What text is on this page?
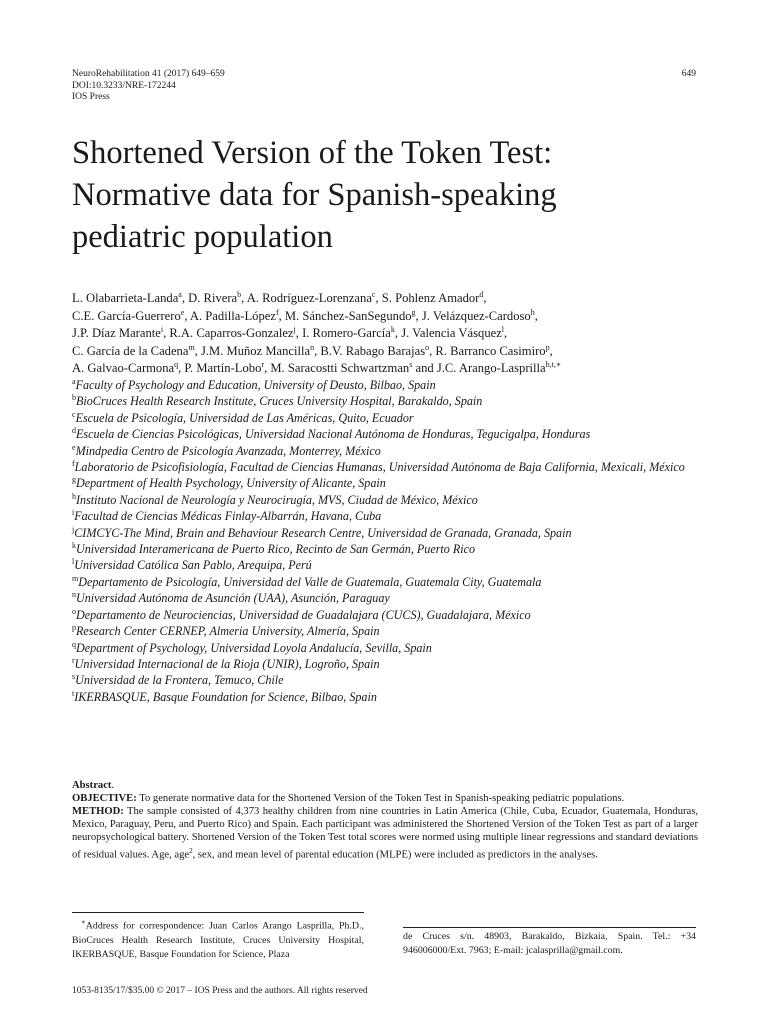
NeuroRehabilitation 41 (2017) 649–659
DOI:10.3233/NRE-172244
IOS Press
649
Shortened Version of the Token Test:
Normative data for Spanish-speaking
pediatric population
L. Olabarrieta-Landa$^a$, D. Rivera$^b$, A. Rodríguez-Lorenzana$^c$, S. Pohlenz Amador$^d$,
C.E. García-Guerrero$^e$, A. Padilla-López$^f$, M. Sánchez-SanSegundo$^g$, J. Velázquez-Cardoso$^h$,
J.P. Díaz Marante$^i$, R.A. Caparros-Gonzalez$^j$, I. Romero-García$^k$, J. Valencia Vásquez$^l$,
C. García de la Cadena$^m$, J.M. Muñoz Mancilla$^n$, B.V. Rabago Barajas$^o$, R. Barranco Casimiro$^p$,
A. Galvao-Carmona$^q$, P. Martín-Lobo$^r$, M. Saracostti Schwartzman$^s$ and J.C. Arango-Lasprilla$^{b,t,∗}$
$^a$Faculty of Psychology and Education, University of Deusto, Bilbao, Spain
$^b$BioCruces Health Research Institute, Cruces University Hospital, Barakaldo, Spain
$^c$Escuela de Psicología, Universidad de Las Américas, Quito, Ecuador
$^d$Escuela de Ciencias Psicológicas, Universidad Nacional Autónoma de Honduras, Tegucigalpa, Honduras
$^e$Mindpedia Centro de Psicología Avanzada, Monterrey, México
$^f$Laboratorio de Psicofisiología, Facultad de Ciencias Humanas, Universidad Autónoma de Baja California, Mexicali, México
$^g$Department of Health Psychology, University of Alicante, Spain
$^h$Instituto Nacional de Neurología y Neurocirugía, MVS, Ciudad de México, México
$^i$Facultad de Ciencias Médicas Finlay-Albarrán, Havana, Cuba
$^j$CIMCYC-The Mind, Brain and Behaviour Research Centre, Universidad de Granada, Granada, Spain
$^k$Universidad Interamericana de Puerto Rico, Recinto de San Germán, Puerto Rico
$^l$Universidad Católica San Pablo, Arequipa, Perú
$^m$Departamento de Psicología, Universidad del Valle de Guatemala, Guatemala City, Guatemala
$^n$Universidad Autónoma de Asunción (UAA), Asunción, Paraguay
$^o$Departamento de Neurociencias, Universidad de Guadalajara (CUCS), Guadalajara, México
$^p$Research Center CERNEP, Almeria University, Almería, Spain
$^q$Department of Psychology, Universidad Loyola Andalucía, Sevilla, Spain
$^r$Universidad Internacional de la Rioja (UNIR), Logroño, Spain
$^s$Universidad de la Frontera, Temuco, Chile
$^t$IKERBASQUE, Basque Foundation for Science, Bilbao, Spain

Abstract.

OBJECTIVE: To generate normative data for the Shortened Version of the Token Test in Spanish-speaking pediatric populations.

METHOD: The sample consisted of 4,373 healthy children from nine countries in Latin America (Chile, Cuba, Ecuador, Guatemala, Honduras, Mexico, Paraguay, Peru, and Puerto Rico) and Spain. Each participant was administered the Shortened Version of the Token Test as part of a larger neuropsychological battery. Shortened Version of the Token Test total scores were normed using multiple linear regressions and standard deviations of residual values. Age, age$^2$, sex, and mean level of parental education (MLPE) were included as predictors in the analyses.

∗Address for correspondence: Juan Carlos Arango Lasprilla, Ph.D., BioCruces Health Research Institute, Cruces University Hospital, IKERBASQUE, Basque Foundation for Science, Plaza
de Cruces s/n. 48903, Barakaldo, Bizkaia, Spain. Tel.: +34 946006000/Ext. 7963; E-mail: jcalasprilla@gmail.com.
1053-8135/17/$35.00 © 2017 – IOS Press and the authors. All rights reserved
